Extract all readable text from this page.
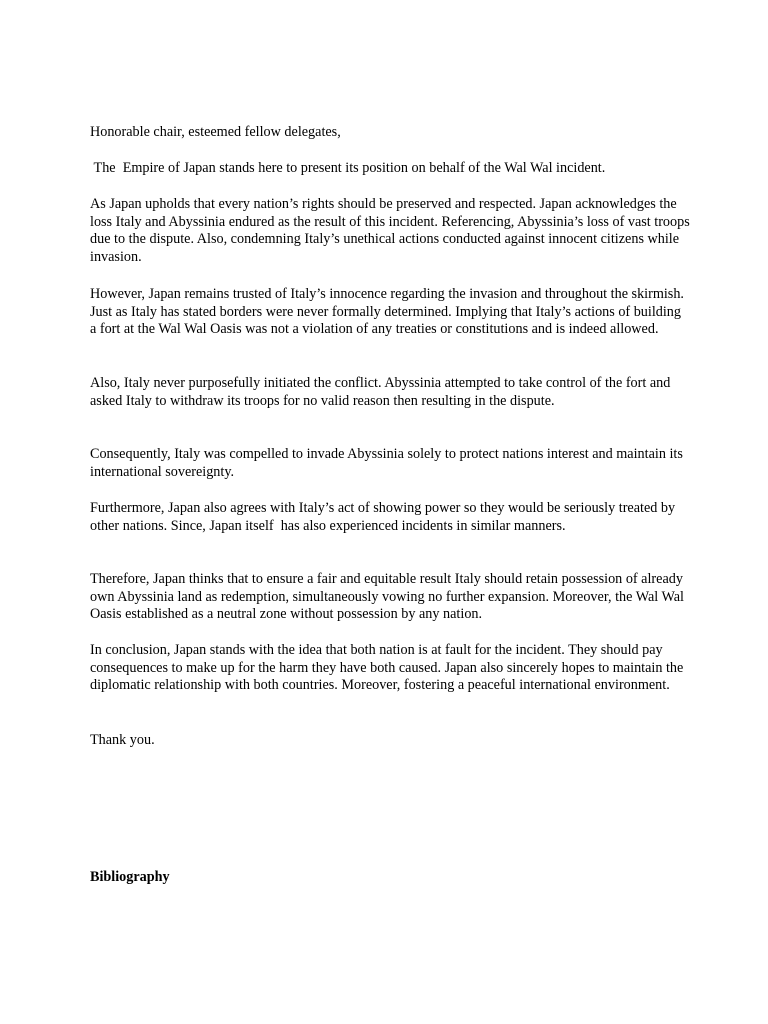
Honorable chair, esteemed fellow delegates,

The  Empire of Japan stands here to present its position on behalf of the Wal Wal incident.

As Japan upholds that every nation’s rights should be preserved and respected. Japan acknowledges the loss Italy and Abyssinia endured as the result of this incident. Referencing, Abyssinia’s loss of vast troops due to the dispute. Also, condemning Italy’s unethical actions conducted against innocent citizens while invasion.

However, Japan remains trusted of Italy’s innocence regarding the invasion and throughout the skirmish. Just as Italy has stated borders were never formally determined. Implying that Italy’s actions of building a fort at the Wal Wal Oasis was not a violation of any treaties or constitutions and is indeed allowed.

Also, Italy never purposefully initiated the conflict. Abyssinia attempted to take control of the fort and asked Italy to withdraw its troops for no valid reason then resulting in the dispute.

Consequently, Italy was compelled to invade Abyssinia solely to protect nations interest and maintain its international sovereignty.

Furthermore, Japan also agrees with Italy’s act of showing power so they would be seriously treated by other nations. Since, Japan itself  has also experienced incidents in similar manners.

Therefore, Japan thinks that to ensure a fair and equitable result Italy should retain possession of already own Abyssinia land as redemption, simultaneously vowing no further expansion. Moreover, the Wal Wal Oasis established as a neutral zone without possession by any nation.

In conclusion, Japan stands with the idea that both nation is at fault for the incident. They should pay consequences to make up for the harm they have both caused. Japan also sincerely hopes to maintain the diplomatic relationship with both countries. Moreover, fostering a peaceful international environment.

Thank you.

Bibliography
